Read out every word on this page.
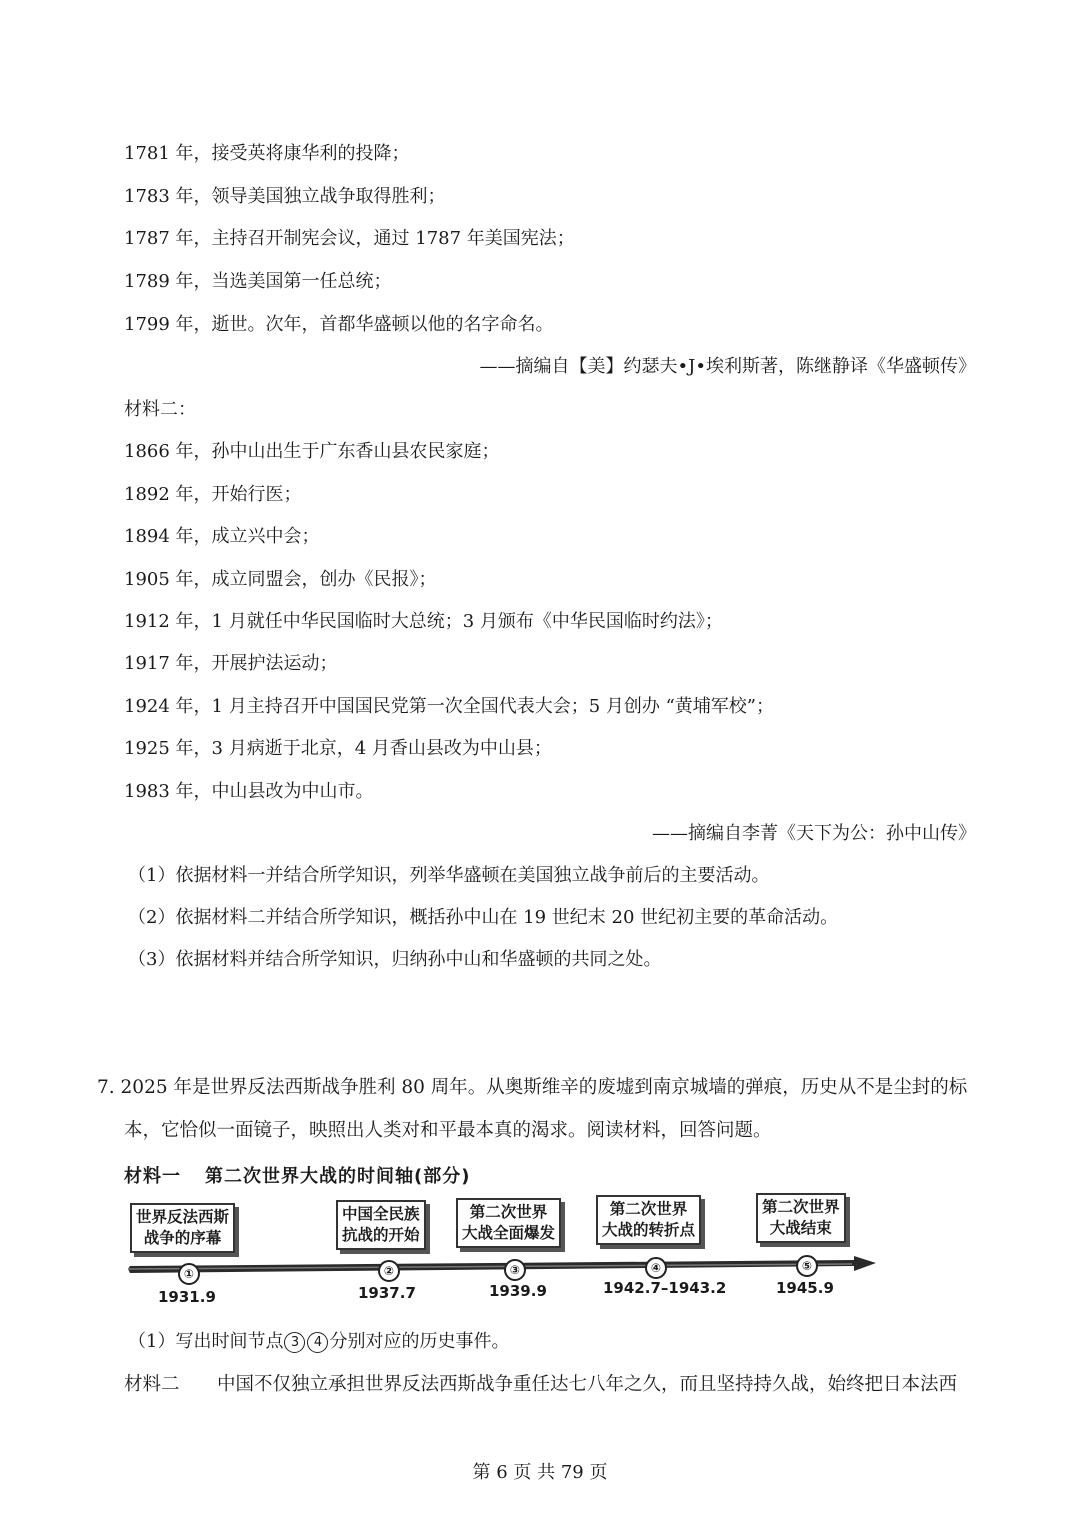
1781 年，接受英将康华利的投降；
1783 年，领导美国独立战争取得胜利；
1787 年，主持召开制宪会议，通过 1787 年美国宪法；
1789 年，当选美国第一任总统；
1799 年，逝世。次年，首都华盛顿以他的名字命名。
——摘编自【美】约瑟夫•J•埃利斯著，陈继静译《华盛顿传》
材料二：
1866 年，孙中山出生于广东香山县农民家庭；
1892 年，开始行医；
1894 年，成立兴中会；
1905 年，成立同盟会，创办《民报》；
1912 年，1 月就任中华民国临时大总统；3 月颁布《中华民国临时约法》；
1917 年，开展护法运动；
1924 年，1 月主持召开中国国民党第一次全国代表大会；5 月创办 “黄埔军校”；
1925 年，3 月病逝于北京，4 月香山县改为中山县；
1983 年，中山县改为中山市。
——摘编自李菁《天下为公：孙中山传》
（1）依据材料一并结合所学知识，列举华盛顿在美国独立战争前后的主要活动。
（2）依据材料二并结合所学知识，概括孙中山在 19 世纪末 20 世纪初主要的革命活动。
（3）依据材料并结合所学知识，归纳孙中山和华盛顿的共同之处。
7. 2025 年是世界反法西斯战争胜利 80 周年。从奥斯维辛的废墟到南京城墙的弹痕，历史从不是尘封的标
本，它恰似一面镜子，映照出人类对和平最本真的渴求。阅读材料，回答问题。
材料一 第二次世界大战的时间轴(部分)
世界反法西斯
战争的序幕
中国全民族
抗战的开始
第二次世界
大战全面爆发
第二次世界
大战的转折点
第二次世界
大战结束
①	②	③	④	⑤
1931.9	1937.7	1939.9	1942.7–1943.2	1945.9
（1）写出时间节点 3 4 分别对应的历史事件。
材料二 中国不仅独立承担世界反法西斯战争重任达七八年之久，而且坚持持久战，始终把日本法西
第 6 页 共 79 页
